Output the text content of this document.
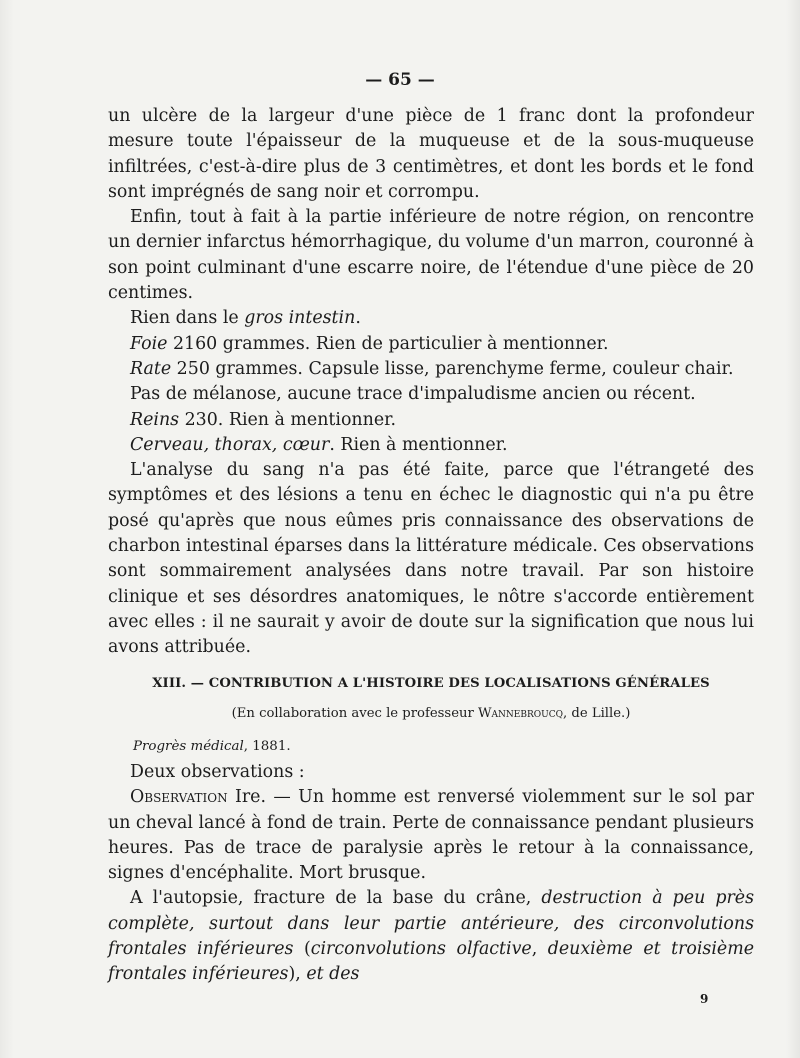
— 65 —

un ulcère de la largeur d'une pièce de 1 franc dont la profondeur mesure toute l'épaisseur de la muqueuse et de la sous-muqueuse infiltrées, c'est-à-dire plus de 3 centimètres, et dont les bords et le fond sont imprégnés de sang noir et corrompu.

Enfin, tout à fait à la partie inférieure de notre région, on rencontre un dernier infarctus hémorrhagique, du volume d'un marron, couronné à son point culminant d'une escarre noire, de l'étendue d'une pièce de 20 centimes.

Rien dans le gros intestin.

Foie 2160 grammes. Rien de particulier à mentionner.

Rate 250 grammes. Capsule lisse, parenchyme ferme, couleur chair.

Pas de mélanose, aucune trace d'impaludisme ancien ou récent.

Reins 230. Rien à mentionner.

Cerveau, thorax, cœur. Rien à mentionner.

L'analyse du sang n'a pas été faite, parce que l'étrangeté des symptômes et des lésions a tenu en échec le diagnostic qui n'a pu être posé qu'après que nous eûmes pris connaissance des observations de charbon intestinal éparses dans la littérature médicale. Ces observations sont sommairement analysées dans notre travail. Par son histoire clinique et ses désordres anatomiques, le nôtre s'accorde entièrement avec elles : il ne saurait y avoir de doute sur la signification que nous lui avons attribuée.

XIII. — CONTRIBUTION A L'HISTOIRE DES LOCALISATIONS GÉNÉRALES
(En collaboration avec le professeur Wannebroucq, de Lille.)
Progrès médical, 1881.

Deux observations :

Observation Ire. — Un homme est renversé violemment sur le sol par un cheval lancé à fond de train. Perte de connaissance pendant plusieurs heures. Pas de trace de paralysie après le retour à la connaissance, signes d'encéphalite. Mort brusque.

A l'autopsie, fracture de la base du crâne, destruction à peu près complète, surtout dans leur partie antérieure, des circonvolutions frontales inférieures (circonvolutions olfactive, deuxième et troisième frontales inférieures), et des

9
